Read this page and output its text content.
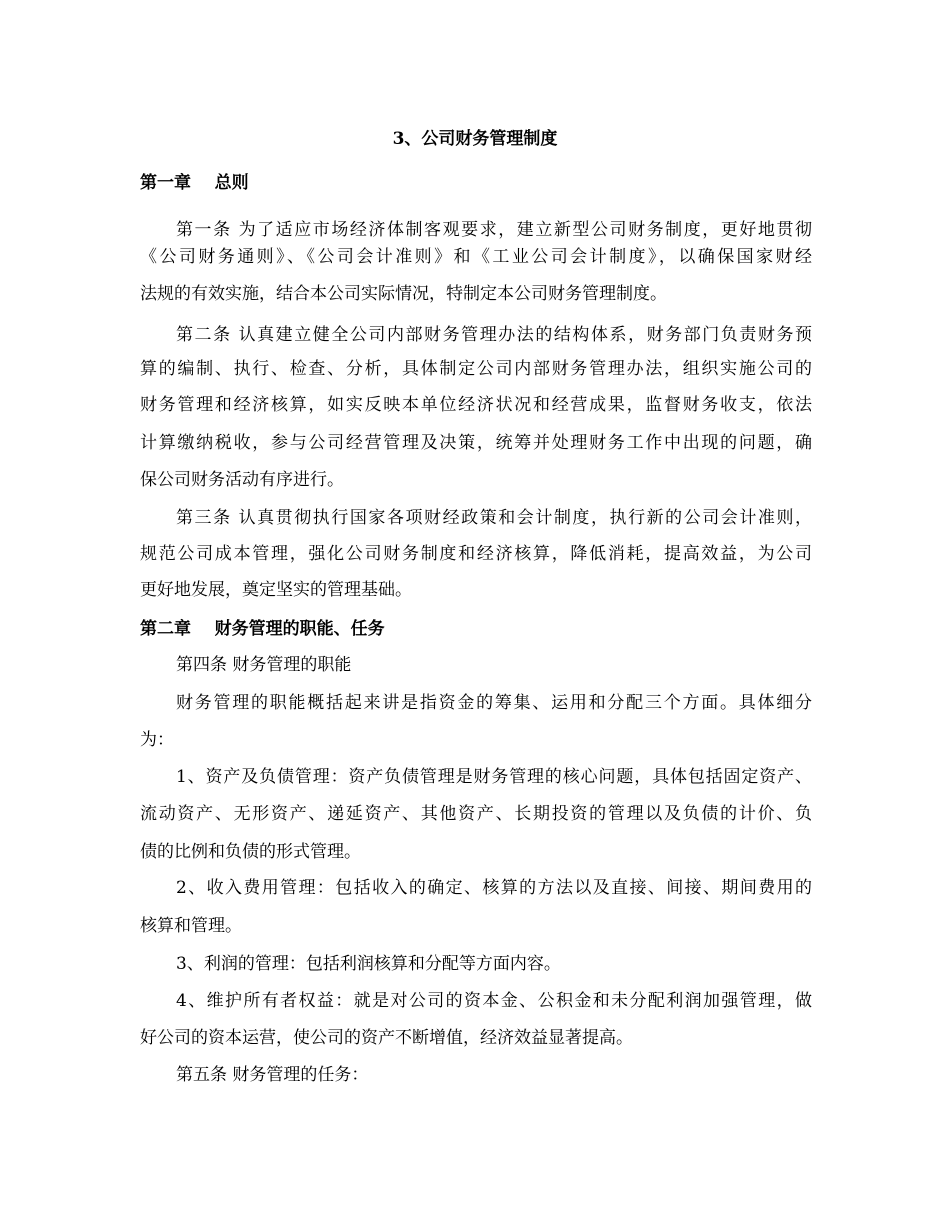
3、公司财务管理制度
第一章    总则
第一条 为了适应市场经济体制客观要求，建立新型公司财务制度，更好地贯彻
《公司财务通则》、《公司会计准则》和《工业公司会计制度》，以确保国家财经
法规的有效实施，结合本公司实际情况，特制定本公司财务管理制度。
第二条 认真建立健全公司内部财务管理办法的结构体系，财务部门负责财务预
算的编制、执行、检查、分析，具体制定公司内部财务管理办法，组织实施公司的
财务管理和经济核算，如实反映本单位经济状况和经营成果，监督财务收支，依法
计算缴纳税收，参与公司经营管理及决策，统筹并处理财务工作中出现的问题，确
保公司财务活动有序进行。
第三条 认真贯彻执行国家各项财经政策和会计制度，执行新的公司会计准则，
规范公司成本管理，强化公司财务制度和经济核算，降低消耗，提高效益，为公司
更好地发展，奠定坚实的管理基础。
第二章    财务管理的职能、任务
第四条 财务管理的职能
财务管理的职能概括起来讲是指资金的筹集、运用和分配三个方面。具体细分
为：
1、资产及负债管理：资产负债管理是财务管理的核心问题，具体包括固定资产、
流动资产、无形资产、递延资产、其他资产、长期投资的管理以及负债的计价、负
债的比例和负债的形式管理。
2、收入费用管理：包括收入的确定、核算的方法以及直接、间接、期间费用的
核算和管理。
3、利润的管理：包括利润核算和分配等方面内容。
4、维护所有者权益：就是对公司的资本金、公积金和未分配利润加强管理，做
好公司的资本运营，使公司的资产不断增值，经济效益显著提高。
第五条 财务管理的任务：
